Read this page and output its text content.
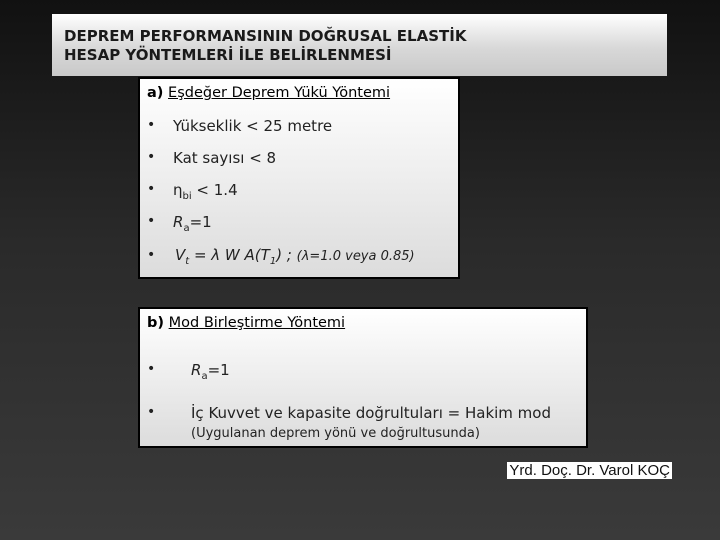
DEPREM PERFORMANSININ DOĞRUSAL ELASTİK
HESAP YÖNTEMLERİ İLE BELİRLENMESİ
a) Eşdeğer Deprem Yükü Yöntemi
• Yükseklik < 25 metre
• Kat sayısı < 8
• $\eta_{bi} < 1.4$
• $R_a=1$
• $V_t = \lambda$ W $A(T_1)$ ; (λ=1.0 veya 0.85)
b) Mod Birleştirme Yöntemi
• $R_a=1$
• İç Kuvvet ve kapasite doğrultuları = Hakim mod
(Uygulanan deprem yönü ve doğrultusunda)
Yrd. Doç. Dr. Varol KOÇ
